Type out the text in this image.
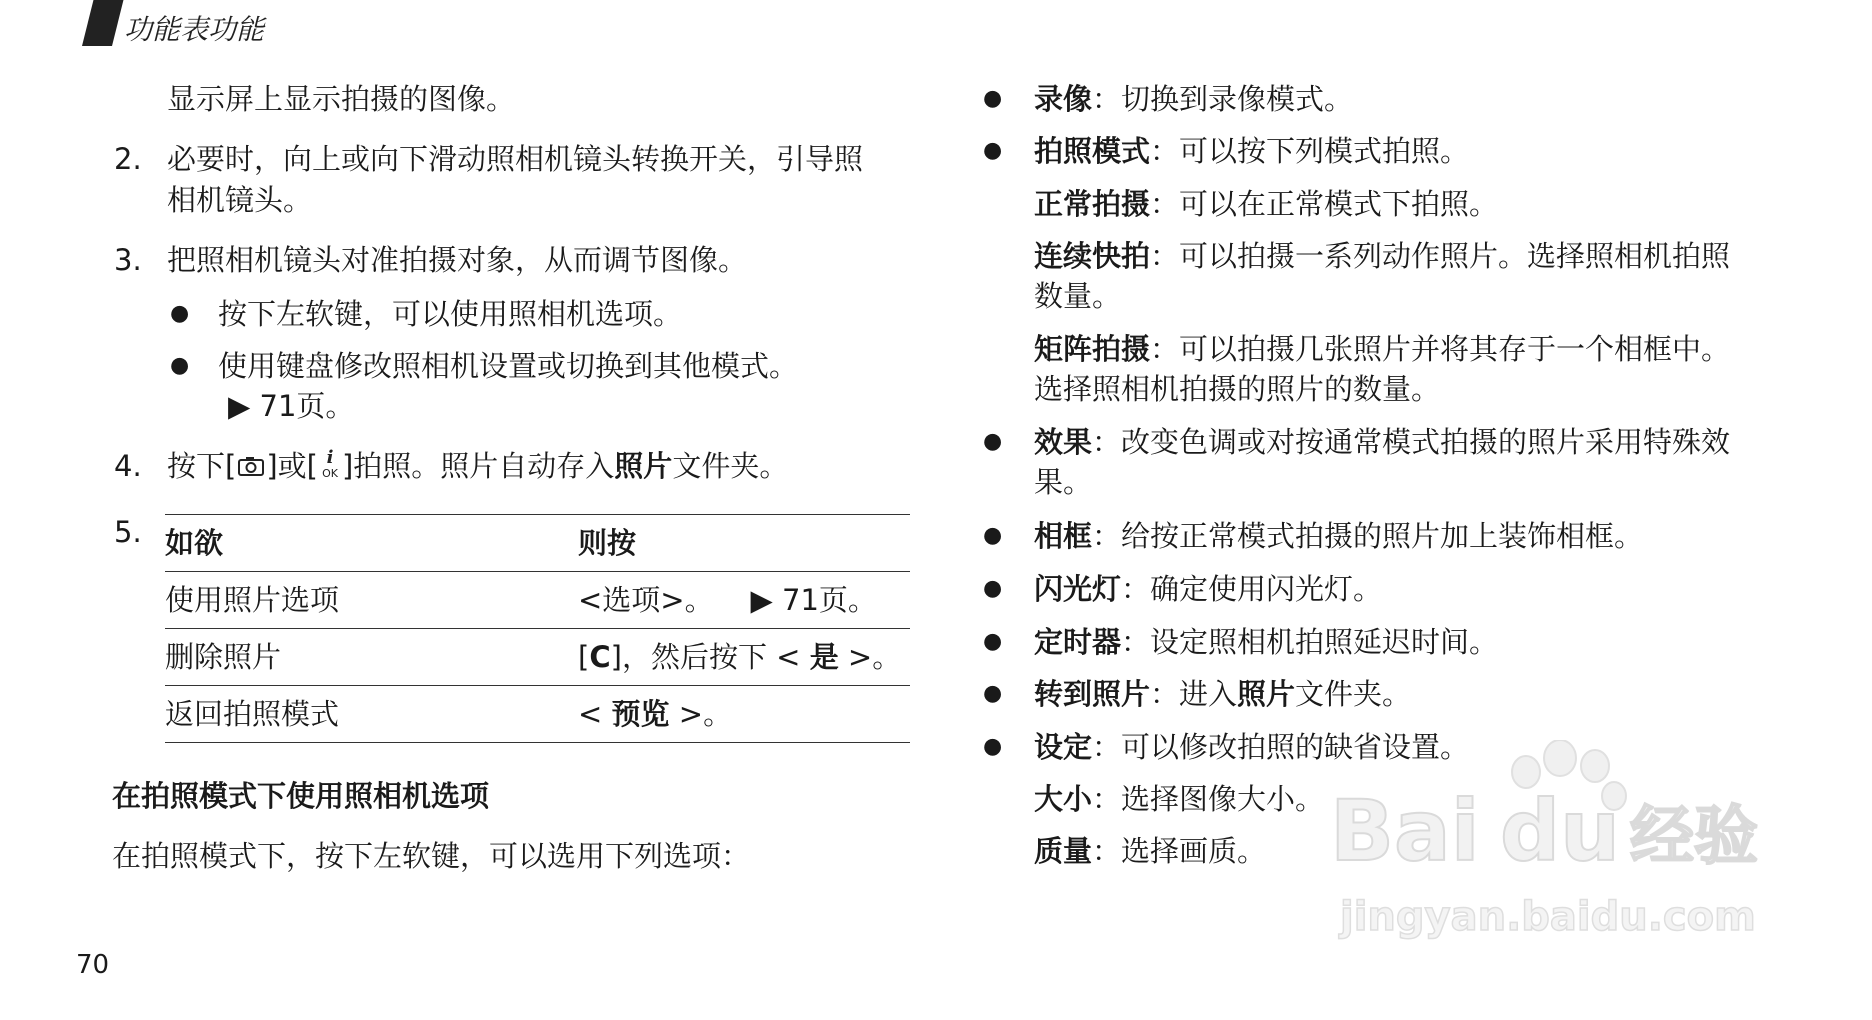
功能表功能
显示屏上显示拍摄的图像。
2. 必要时，向上或向下滑动照相机镜头转换开关，引导照
相机镜头。
3. 把照相机镜头对准拍摄对象，从而调节图像。
● 按下左软键，可以使用照相机选项。
● 使用键盘修改照相机设置或切换到其他模式。
▶ 71页。
4. 按下[ ]或[ i
OK ]拍照。照片自动存入照片文件夹。
5.
在拍照模式下使用照相机选项
在拍照模式下，按下左软键，可以选用下列选项：
如欲	则按
使用照片选项	<选项>。 ▶ 71页。
删除照片	[C]，然后按下 < 是 >。
返回拍照模式	< 预览 >。
● 录像：切换到录像模式。
● 拍照模式：可以按下列模式拍照。
正常拍摄：可以在正常模式下拍照。
连续快拍：可以拍摄一系列动作照片。选择照相机拍照
数量。
矩阵拍摄：可以拍摄几张照片并将其存于一个相框中。
选择照相机拍摄的照片的数量。
● 效果：改变色调或对按通常模式拍摄的照片采用特殊效
果。
● 相框：给按正常模式拍摄的照片加上装饰相框。
● 闪光灯：确定使用闪光灯。
● 定时器：设定照相机拍照延迟时间。
● 转到照片：进入照片文件夹。
● 设定：可以修改拍照的缺省设置。
大小：选择图像大小。
质量：选择画质。
70
Bai du 经验
jingyan.baidu.com
